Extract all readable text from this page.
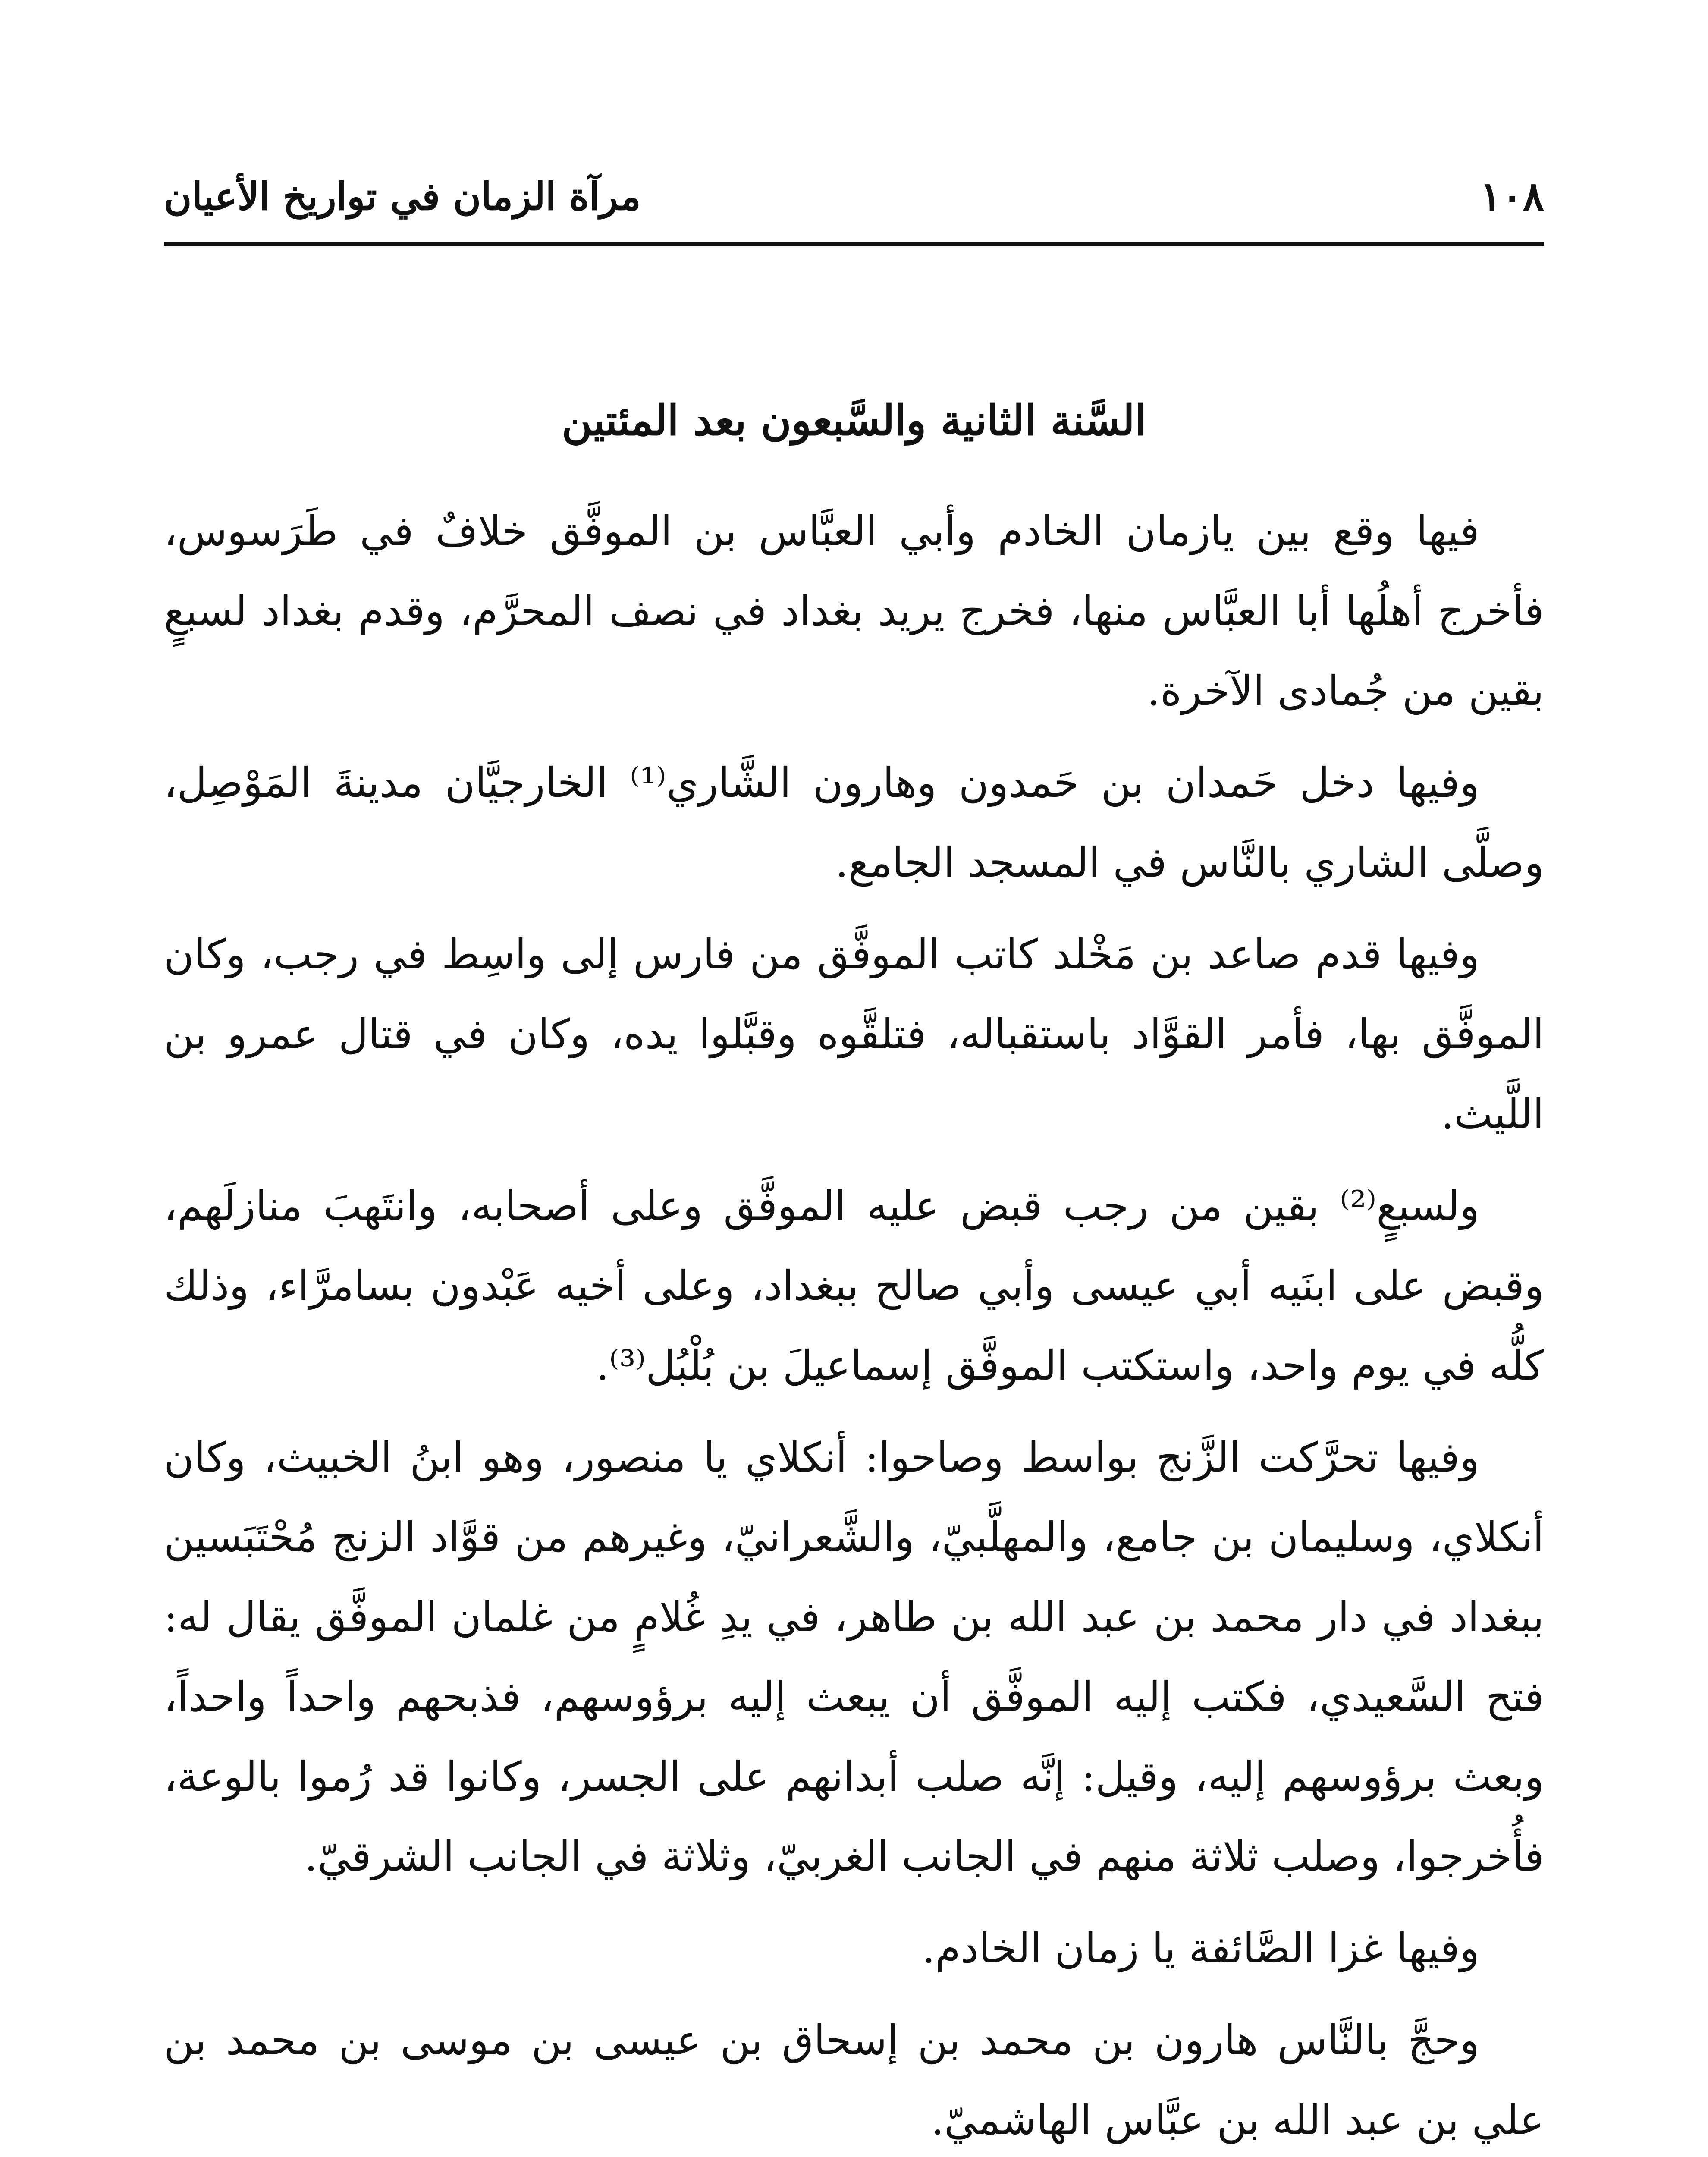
١٠٨
مرآة الزمان في تواريخ الأعيان
السَّنة الثانية والسَّبعون بعد المئتين

فيها وقع بين يازمان الخادم وأبي العبَّاس بن الموفَّق خلافٌ في طَرَسوس، فأخرج أهلُها أبا العبَّاس منها، فخرج يريد بغداد في نصف المحرَّم، وقدم بغداد لسبعٍ بقين من جُمادى الآخرة.

وفيها دخل حَمدان بن حَمدون وهارون الشَّاري⁽¹⁾ الخارجيَّان مدينةَ المَوْصِل، وصلَّى الشاري بالنَّاس في المسجد الجامع.

وفيها قدم صاعد بن مَخْلد كاتب الموفَّق من فارس إلى واسِط في رجب، وكان الموفَّق بها، فأمر القوَّاد باستقباله، فتلقَّوه وقبَّلوا يده، وكان في قتال عمرو بن اللَّيث.

ولسبعٍ⁽²⁾ بقين من رجب قبض عليه الموفَّق وعلى أصحابه، وانتَهبَ منازلَهم، وقبض على ابنَيه أبي عيسى وأبي صالح ببغداد، وعلى أخيه عَبْدون بسامرَّاء، وذلك كلُّه في يوم واحد، واستكتب الموفَّق إسماعيلَ بن بُلْبُل⁽³⁾.

وفيها تحرَّكت الزَّنج بواسط وصاحوا: أنكلاي يا منصور، وهو ابنُ الخبيث، وكان أنكلاي، وسليمان بن جامع، والمهلَّبيّ، والشَّعرانيّ، وغيرهم من قوَّاد الزنج مُحْتَبَسين ببغداد في دار محمد بن عبد الله بن طاهر، في يدِ غُلامٍ من غلمان الموفَّق يقال له: فتح السَّعيدي، فكتب إليه الموفَّق أن يبعث إليه برؤوسهم، فذبحهم واحداً واحداً، وبعث برؤوسهم إليه، وقيل: إنَّه صلب أبدانهم على الجسر، وكانوا قد رُموا بالوعة، فأُخرجوا، وصلب ثلاثة منهم في الجانب الغربيّ، وثلاثة في الجانب الشرقيّ.

وفيها غزا الصَّائفة يا زمان الخادم.

وحجَّ بالنَّاس هارون بن محمد بن إسحاق بن عيسى بن موسى بن محمد بن علي بن عبد الله بن عبَّاس الهاشميّ.
